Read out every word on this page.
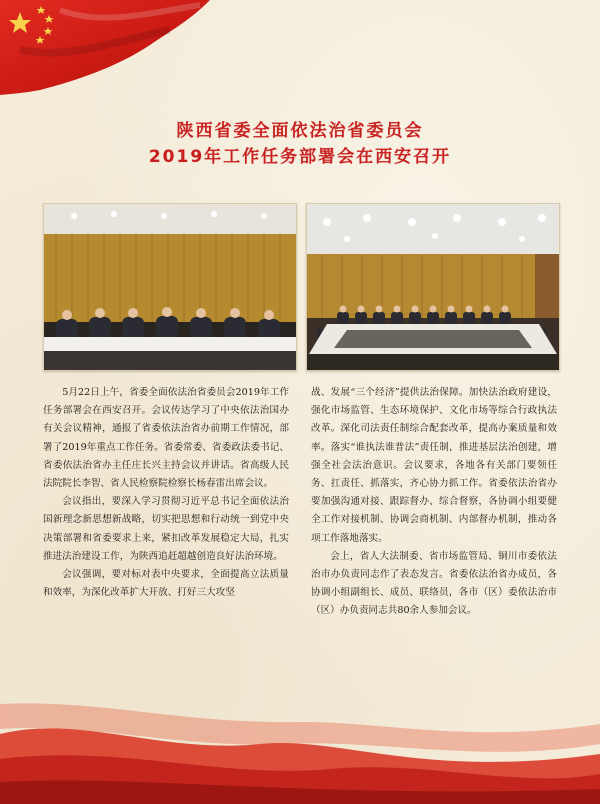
陕西省委全面依法治省委员会
2019年工作任务部署会在西安召开

5月22日上午，省委全面依法治省委员会2019年工作任务部署会在西安召开。会议传达学习了中央依法治国办有关会议精神，通报了省委依法治省办前期工作情况，部署了2019年重点工作任务。省委常委、省委政法委书记、省委依法治省办主任庄长兴主持会议并讲话。省高级人民法院院长李智、省人民检察院检察长杨春雷出席会议。

会议指出，要深入学习贯彻习近平总书记全面依法治国新理念新思想新战略，切实把思想和行动统一到党中央决策部署和省委要求上来，紧扣改革发展稳定大局，扎实推进法治建设工作，为陕西追赶超越创造良好法治环境。

会议强调，要对标对表中央要求，全面提高立法质量和效率，为深化改革扩大开放、打好三大攻坚

战、发展“三个经济”提供法治保障。加快法治政府建设，强化市场监管、生态环境保护、文化市场等综合行政执法改革。深化司法责任制综合配套改革，提高办案质量和效率。落实“谁执法谁普法”责任制，推进基层法治创建，增强全社会法治意识。会议要求，各地各有关部门要领任务、扛责任、抓落实，齐心协力抓工作。省委依法治省办要加强沟通对接、跟踪督办、综合督察，各协调小组要健全工作对接机制、协调会商机制、内部督办机制，推动各项工作落地落实。

会上，省人大法制委、省市场监管局、铜川市委依法治市办负责同志作了表态发言。省委依法治省办成员，各协调小组副组长、成员、联络员，各市（区）委依法治市（区）办负责同志共80余人参加会议。
